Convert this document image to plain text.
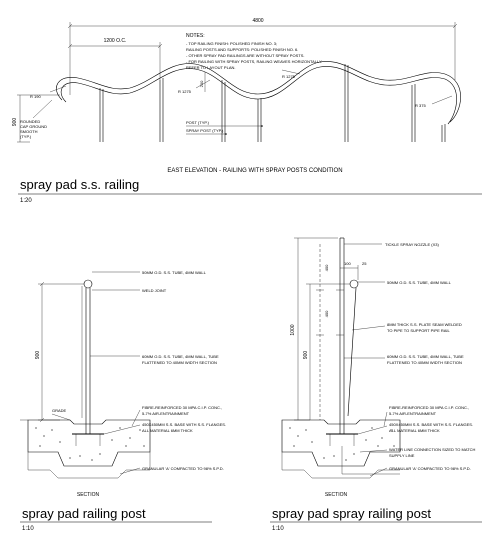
4800
1200 O.C.
NOTES:
- TOP RAILING FINISH: POLISHED FINISH NO. 3;
RAILING POSTS AND SUPPORTS: POLISHED FINISH NO. 6.
- OTHER SPRAY PAD RAILINGS ARE WITHOUT SPRAY POSTS.
- FOR RAILING WITH SPRAY POSTS, RAILING WEAVES HORIZONTALLY.
REFER TO LAYOUT PLAN.
900
200
R 190
R 1275
R 1275
R 375
ROUNDED
CAP GROUND
SMOOTH
(TYP.)
POST (TYP.)
SPRAY POST (TYP.)
EAST ELEVATION - RAILING WITH SPRAY POSTS CONDITION
spray pad s.s. railing
1:20
900
GRADE
50MM O.D. S.S. TUBE, 4MM WALL
WELD JOINT
60MM O.D. S.S. TUBE, 4MM WALL, TUBE
FLATTENED TO 40MM WIDTH SECTION
FIBRE-REINFORCED 30 MPA C.I.P. CONC.,
5-7% AIR-ENTRAINMENT
450X450MM S.S. BASE WITH S.S. FLANGES.
ALL MATERIAL 6MM THICK
GRANULAR 'A' COMPACTED TO 98% S.P.D.
SECTION
spray pad railing post
1:10
100	25
1000
900
400
400
TICKLE SPRAY NOZZLE (X3)
50MM O.D. S.S. TUBE, 4MM WALL
8MM THICK S.S. PLATE SEAM WELDED
TO PIPE TO SUPPORT PIPE RAIL
60MM O.D. S.S. TUBE, 4MM WALL, TUBE
FLATTENED TO 40MM WIDTH SECTION
FIBRE-REINFORCED 30 MPA C.I.P. CONC.,
5-7% AIR-ENTRAINMENT
450X450MM S.S. BASE WITH S.S. FLANGES.
ALL MATERIAL 6MM THICK
WATER LINE CONNECTION SIZED TO MATCH
SUPPLY LINE
GRANULAR 'A' COMPACTED TO 98% S.P.D.
SECTION
spray pad spray railing post
1:10
